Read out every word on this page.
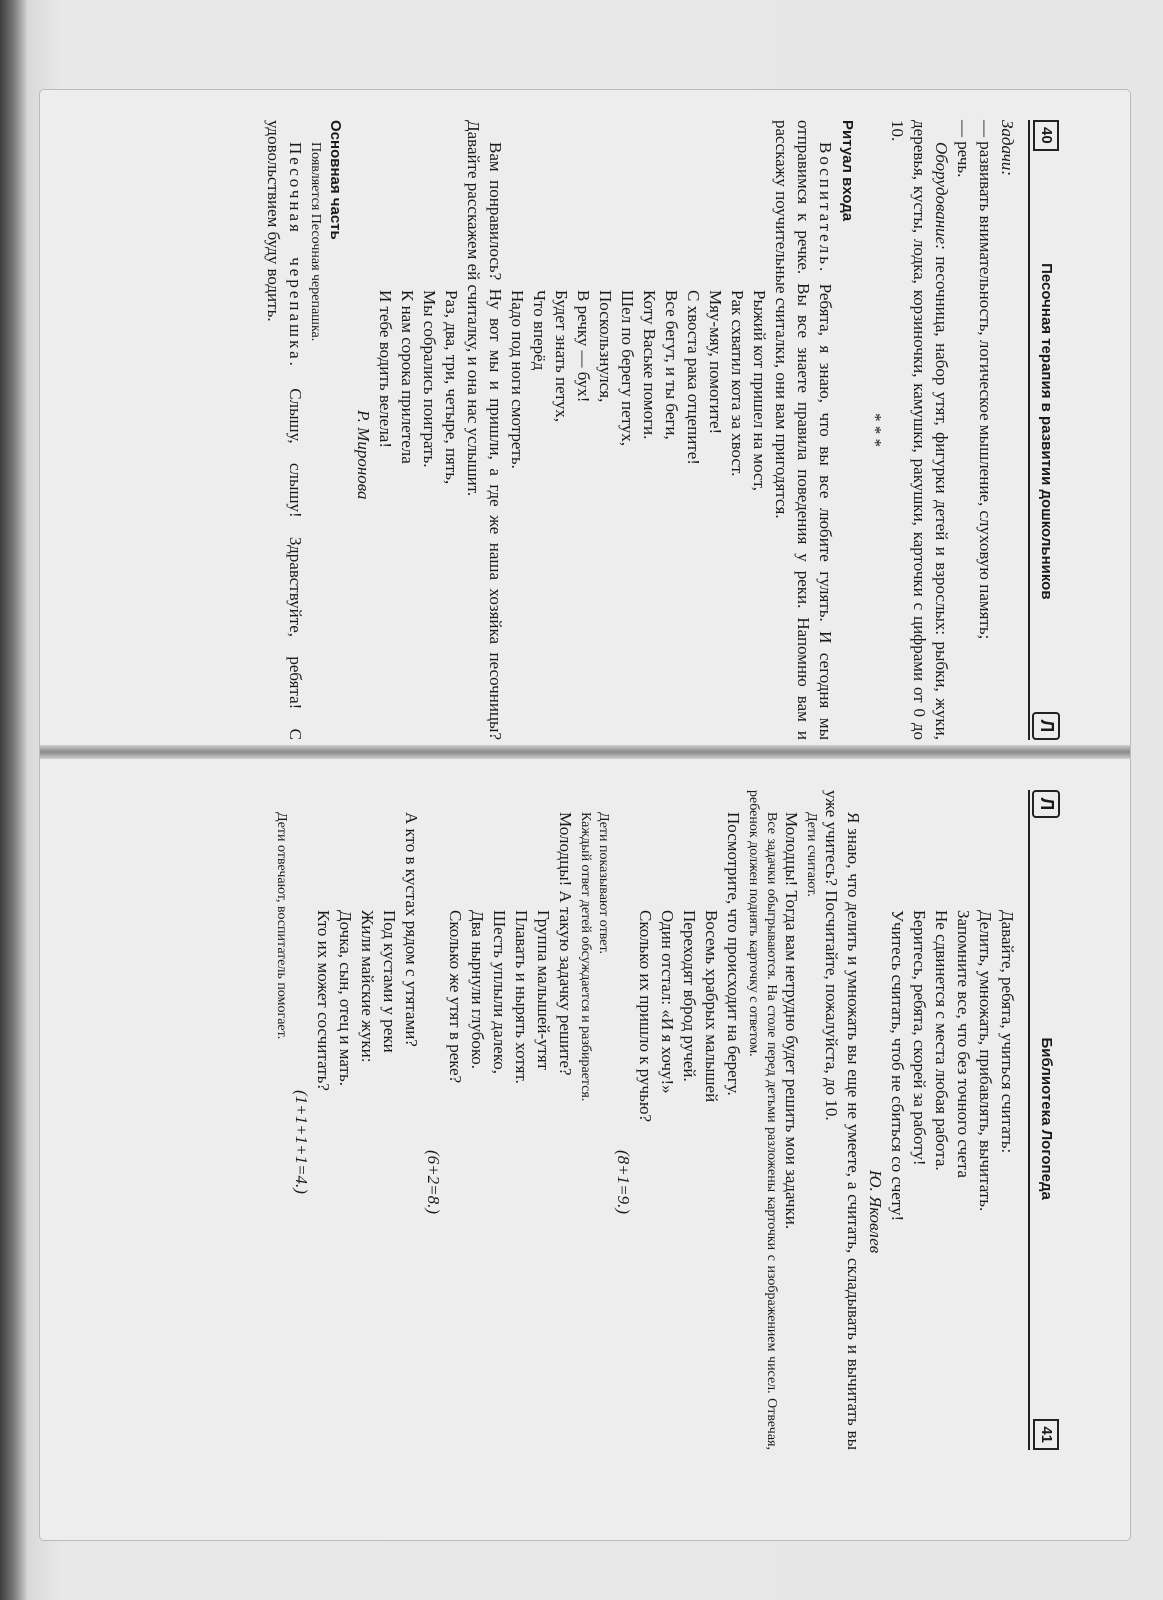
40
Песочная терапия в развитии дошкольников
Л

Задачи:

— развивать внимательность, логическое мышление, слуховую память;

— речь.

Оборудование: песочница, набор утят, фигурки детей и взрослых: рыбки, жуки, деревья, кусты, лодка, корзиночки, камушки, ракушки, карточки с цифрами от 0 до 10.

* * *

Ритуал входа

Воспитатель. Ребята, я знаю, что вы все любите гулять. И сегодня мы отправимся к речке. Вы все знаете правила поведения у реки. Напомню вам и расскажу поучительные считалки, они вам пригодятся.

Рыжий кот пришел на мост,

Рак схватил кота за хвост.

Мяу-мяу, помогите!

С хвоста рака отцепите!

Все бегут, и ты беги,

Коту Ваське помоги.

Шел по берегу петух,

Поскользнулся,

В речку — бух!

Будет знать петух,

Что вперёд

Надо под ноги смотреть.

Вам понравилось? Ну вот мы и пришли, а где же наша хозяйка песочницы? Давайте расскажем ей считалку, и она нас услышит.

Раз, два, три, четыре, пять,

Мы собрались поиграть.

К нам сорока прилетела

И тебе водить велела!

Р. Миронова

Основная часть

Появляется Песочная черепашка.

Песочная черепашка. Слышу, слышу! Здравствуйте, ребята! С удовольствием буду водить.

Л
Библиотека Логопеда
41

Давайте, ребята, учиться считать:

Делить, умножать, прибавлять, вычитать.

Запомните все, что без точного счета

Не сдвинется с места любая работа.

Беритесь, ребята, скорей за работу!

Учитесь считать, чтоб не сбиться со счету!

Ю. Яковлев

Я знаю, что делить и умножать вы еще не умеете, а считать, складывать и вычитать вы уже учитесь? Посчитайте, пожалуйста, до 10.

Дети считают.

Молодцы! Тогда вам нетрудно будет решить мои задачки.

Все задачки обыгрываются. На столе перед детьми разложены карточки с изображением чисел. Отвечая, ребенок должен поднять карточку с ответом.

Посмотрите, что происходит на берегу.

Восемь храбрых малышей

Переходят вброд ручей.

Один отстал: «И я хочу!»

Сколько их пришло к ручью?

(8+1=9.)

Дети показывают ответ.

Каждый ответ детей обсуждается и разбирается.

Молодцы! А такую задачку решите?

Группа малышей-утят

Плавать и нырять хотят.

Шесть уплыли далеко,

Два нырнули глубоко.

Сколько же утят в реке?

(6+2=8.)

А кто в кустах рядом с утятами?

Под кустами у реки

Жили майские жуки:

Дочка, сын, отец и мать.

Кто их может сосчитать?

(1+1+1+1=4.)

Дети отвечают, воспитатель помогает.
